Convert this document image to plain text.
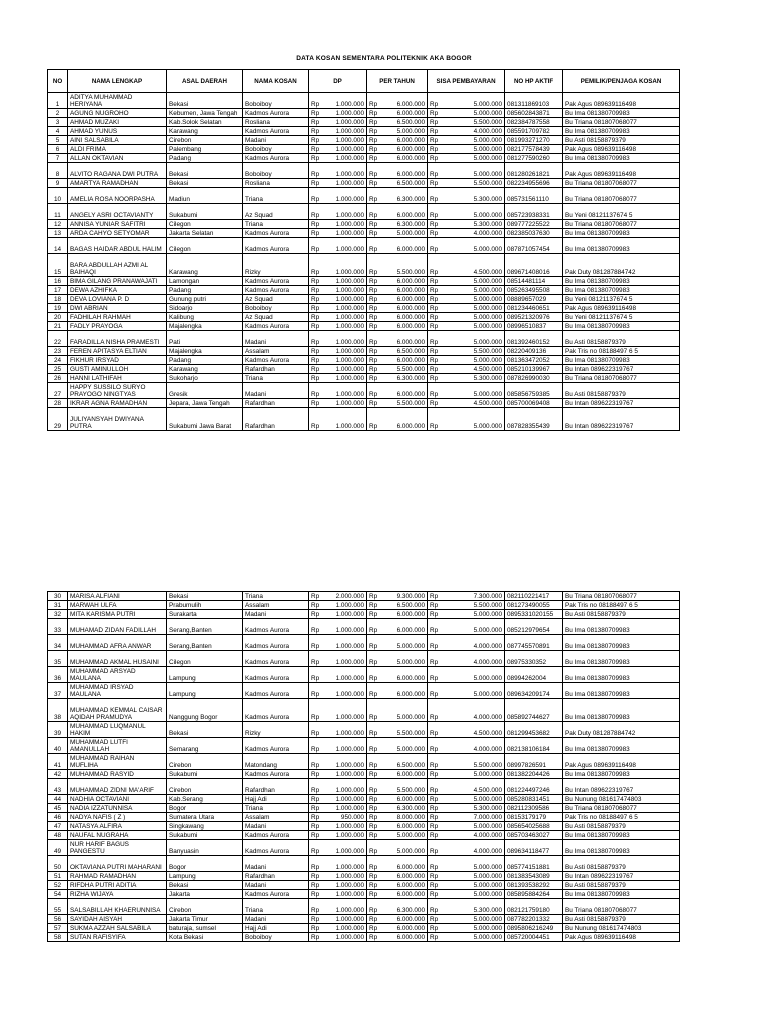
DATA KOSAN SEMENTARA POLITEKNIK AKA BOGOR
NO	NAMA LENGKAP	ASAL DAERAH	NAMA KOSAN	DP		PER TAHUN		SISA PEMBAYARAN		NO HP AKTIF	PEMILIK/PENJAGA KOSAN
1	ADITYA MUHAMMAD HERIYANA	Bekasi	Boboiboy	Rp	1.000.000	Rp	6.000.000	Rp	5.000.000	081311869103	Pak Agus 089639116498
2	AGUNG NUGROHO	Kebumen, Jawa Tengah	Kadmos Aurora	Rp	1.000.000	Rp	6.000.000	Rp	5.000.000	085602843871	Bu Ima 081380709983
3	AHMAD MUZAKI	Kab.Solok Selatan	Rosliana	Rp	1.000.000	Rp	6.500.000	Rp	5.500.000	082384787558	Bu Triana 081807068077
4	AHMAD YUNUS	Karawang	Kadmos Aurora	Rp	1.000.000	Rp	5.000.000	Rp	4.000.000	085591709782	Bu Ima 081380709983
5	AINI SALSABILA	Cirebon	Madani	Rp	1.000.000	Rp	6.000.000	Rp	5.000.000	081993271270	Bu Asti 08158879379
6	ALDI FRIMA	Palembang	Boboiboy	Rp	1.000.000	Rp	6.000.000	Rp	5.000.000	082177578439	Pak Agus 089639116498
7	ALLAN OKTAVIAN	Padang	Kadmos Aurora	Rp	1.000.000	Rp	6.000.000	Rp	5.000.000	081277590260	Bu Ima 081380709983
8	ALVITO RAGANA DWI PUTRA	Bekasi	Boboiboy	Rp	1.000.000	Rp	6.000.000	Rp	5.000.000	081280261821	Pak Agus 089639116498
9	AMARTYA RAMADHAN	Bekasi	Rosliana	Rp	1.000.000	Rp	6.500.000	Rp	5.500.000	082234955696	Bu Triana 081807068077
10	AMELIA ROSA NOORPASHA	Madiun	Triana	Rp	1.000.000	Rp	6.300.000	Rp	5.300.000	085731561110	Bu Triana 081807068077
11	ANGELY ASRI OCTAVIANTY	Sukabumi	Az Squad	Rp	1.000.000	Rp	6.000.000	Rp	5.000.000	085723938331	Bu Yeni 08121137674 5
12	ANNISA YUNIAR SAFITRI	Cilegon	Triana	Rp	1.000.000	Rp	6.300.000	Rp	5.300.000	089777225522	Bu Triana 081807068077
13	ARDA CAHYO SETYOMAR	Jakarta Selatan	Kadmos Aurora	Rp	1.000.000	Rp	5.000.000	Rp	4.000.000	082385037630	Bu Ima 081380709983
14	BAGAS HAIDAR ABDUL HALIM	Cilegon	Kadmos Aurora	Rp	1.000.000	Rp	6.000.000	Rp	5.000.000	087871057454	Bu Ima 081380709983
15	BARA ABDULLAH AZMI AL BAIHAQI	Karawang	Rizky	Rp	1.000.000	Rp	5.500.000	Rp	4.500.000	089671408016	Pak Duty 081287884742
16	BIMA GILANG PRANAWAJATI	Lamongan	Kadmos Aurora	Rp	1.000.000	Rp	6.000.000	Rp	5.000.000	08514481114	Bu Ima 081380709983
17	DEWA AZHIFKA	Padang	Kadmos Aurora	Rp	1.000.000	Rp	6.000.000	Rp	5.000.000	085263495508	Bu Ima 081380709983
18	DEVA LOVIANA P. D	Gunung putri	Az Squad	Rp	1.000.000	Rp	6.000.000	Rp	5.000.000	08889657029	Bu Yeni 08121137674 5
19	DWI ABRIAN	Sidoarjo	Boboiboy	Rp	1.000.000	Rp	6.000.000	Rp	5.000.000	081234460651	Pak Agus 089639116498
20	FADHILAH RAHMAH	Kalibung	Az Squad	Rp	1.000.000	Rp	6.000.000	Rp	5.000.000	089521320976	Bu Yeni 08121137674 5
21	FADLY PRAYOGA	Majalengka	Kadmos Aurora	Rp	1.000.000	Rp	6.000.000	Rp	5.000.000	08996510837	Bu Ima 081380709983
22	FARADILLA NISHA PRAMESTI	Pati	Madani	Rp	1.000.000	Rp	6.000.000	Rp	5.000.000	081392460152	Bu Asti 08158879379
23	FEREN APITASYA ELTIAN	Majalengka	Assalam	Rp	1.000.000	Rp	6.500.000	Rp	5.500.000	08220409136	Pak Tris no 08188497 6 5
24	FIKHUR IRSYAD	Padang	Kadmos Aurora	Rp	1.000.000	Rp	6.000.000	Rp	5.000.000	081363472052	Bu Ima 081380709983
25	GUSTI AMINULLOH	Karawang	Rafardhan	Rp	1.000.000	Rp	5.500.000	Rp	4.500.000	085210139967	Bu Intan 089622319767
26	HANNI LATHIFAH	Sukoharjo	Triana	Rp	1.000.000	Rp	6.300.000	Rp	5.300.000	087826990030	Bu Triana 081807068077
27	HAPPY SUSSILO SURYO PRAYOGO NINGTYAS	Gresik	Madani	Rp	1.000.000	Rp	6.000.000	Rp	5.000.000	085856759385	Bu Asti 08158879379
28	IKRAR AGNA RAMADHAN	Jepara, Jawa Tengah	Rafardhan	Rp	1.000.000	Rp	5.500.000	Rp	4.500.000	085700069408	Bu Intan 089622319767
29	JULIYANSYAH DWIYANA PUTRA	Sukabumi Jawa Barat	Rafardhan	Rp	1.000.000	Rp	6.000.000	Rp	5.000.000	087828355439	Bu Intan 089622319767
30	MARISA ALFIANI	Bekasi	Triana	Rp	2.000.000	Rp	9.300.000	Rp	7.300.000	082110221417	Bu Triana 081807068077
31	MARWAH ULFA	Prabumulih	Assalam	Rp	1.000.000	Rp	6.500.000	Rp	5.500.000	081273490055	Pak Tris no 08188497 6 5
32	MITA KARISMA PUTRI	Surakarta	Madani	Rp	1.000.000	Rp	6.000.000	Rp	5.000.000	0895331020155	Bu Asti 08158879379
33	MUHAMAD ZIDAN FADILLAH	Serang,Banten	Kadmos Aurora	Rp	1.000.000	Rp	6.000.000	Rp	5.000.000	085212979654	Bu Ima 081380709983
34	MUHAMMAD AFRA ANWAR	Serang,Banten	Kadmos Aurora	Rp	1.000.000	Rp	5.000.000	Rp	4.000.000	087745570891	Bu Ima 081380709983
35	MUHAMMAD AKMAL HUSAINI	Cilegon	Kadmos Aurora	Rp	1.000.000	Rp	5.000.000	Rp	4.000.000	08975330352	Bu Ima 081380709983
36	MUHAMMAD ARSYAD MAULANA	Lampung	Kadmos Aurora	Rp	1.000.000	Rp	6.000.000	Rp	5.000.000	08994262004	Bu Ima 081380709983
37	MUHAMMAD IRSYAD MAULANA	Lampung	Kadmos Aurora	Rp	1.000.000	Rp	6.000.000	Rp	5.000.000	089634209174	Bu Ima 081380709983
38	MUHAMMAD KEMMAL CAISAR AQIDAH PRAMUDYA	Nanggung Bogor	Kadmos Aurora	Rp	1.000.000	Rp	5.000.000	Rp	4.000.000	085892744627	Bu Ima 081380709983
39	MUHAMMAD LUQMANUL HAKIM	Bekasi	Rizky	Rp	1.000.000	Rp	5.500.000	Rp	4.500.000	081299453682	Pak Duty 081287884742
40	MUHAMMAD LUTFI AMANULLAH	Semarang	Kadmos Aurora	Rp	1.000.000	Rp	5.000.000	Rp	4.000.000	082138106184	Bu Ima 081380709983
41	MUHAMMAD RAIHAN MUFLIHA	Cirebon	Matondang	Rp	1.000.000	Rp	6.500.000	Rp	5.500.000	08997826591	Pak Agus 089639116498
42	MUHAMMAD RASYID	Sukabumi	Kadmos Aurora	Rp	1.000.000	Rp	6.000.000	Rp	5.000.000	081382204426	Bu Ima 081380709983
43	MUHAMMAD ZIDNI MA'ARIF	Cirebon	Rafardhan	Rp	1.000.000	Rp	5.500.000	Rp	4.500.000	081224497246	Bu Intan 089622319767
44	NADHIA OCTAVIANI	Kab.Serang	Hajj Adi	Rp	1.000.000	Rp	6.000.000	Rp	5.000.000	085280831451	Bu Nunung 081617474803
45	NADIA IZZATUNNISA	Bogor	Triana	Rp	1.000.000	Rp	6.300.000	Rp	5.300.000	082112309586	Bu Triana 081807068077
46	NADYA NAFIS ( Z )	Sumatera Utara	Assalam	Rp	950.000	Rp	8.000.000	Rp	7.000.000	08153179179	Pak Tris no 08188497 6 5
47	NATASYA ALFIRA	Singkawang	Madani	Rp	1.000.000	Rp	6.000.000	Rp	5.000.000	085654025688	Bu Asti 08158879379
48	NAUFAL NUGRAHA	Sukabumi	Kadmos Aurora	Rp	1.000.000	Rp	5.000.000	Rp	4.000.000	085703463027	Bu Ima 081380709983
49	NUR HARIF BAGUS PANGESTU	Banyuasin	Kadmos Aurora	Rp	1.000.000	Rp	5.000.000	Rp	4.000.000	089634118477	Bu Ima 081380709983
50	OKTAVIANA PUTRI MAHARANI	Bogor	Madani	Rp	1.000.000	Rp	6.000.000	Rp	5.000.000	085774151881	Bu Asti 08158879379
51	RAHMAD RAMADHAN	Lampung	Rafardhan	Rp	1.000.000	Rp	6.000.000	Rp	5.000.000	081383543089	Bu Intan 089622319767
52	RIFDHA PUTRI ADITIA	Bekasi	Madani	Rp	1.000.000	Rp	6.000.000	Rp	5.000.000	081393538292	Bu Asti 08158879379
54	RIZHA WIJAYA	Jakarta	Kadmos Aurora	Rp	1.000.000	Rp	6.000.000	Rp	5.000.000	085895884264	Bu Ima 081380709983
55	SALSABILLAH KHAERUNNISA	Cirebon	Triana	Rp	1.000.000	Rp	6.300.000	Rp	5.300.000	082121759180	Bu Triana 081807068077
56	SAYIDAH AISYAH	Jakarta Timur	Madani	Rp	1.000.000	Rp	6.000.000	Rp	5.000.000	087782201332	Bu Asti 08158879379
57	SUKMA AZZAH SALSABILA	baturaja, sumsel	Hajj Adi	Rp	1.000.000	Rp	6.000.000	Rp	5.000.000	0895806216249	Bu Nunung 081617474803
58	SUTAN RAFISYIFA	Kota Bekasi	Boboiboy	Rp	1.000.000	Rp	6.000.000	Rp	5.000.000	085720004451	Pak Agus 089639116498
